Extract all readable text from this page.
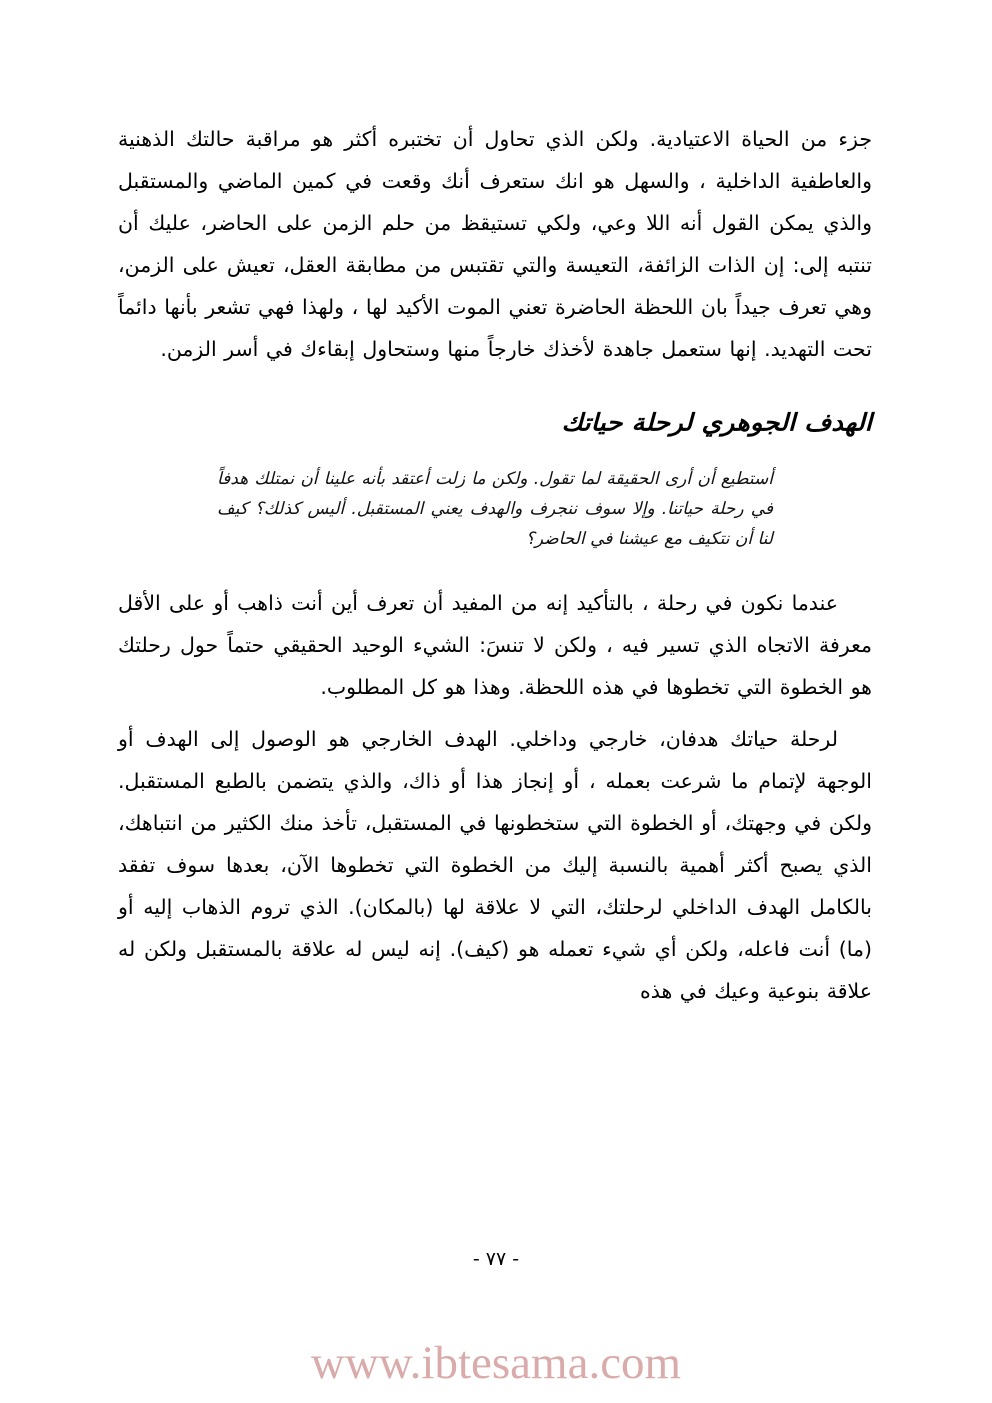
جزء من الحياة الاعتيادية. ولكن الذي تحاول أن تختبره أكثر هو مراقبة حالتك الذهنية والعاطفية الداخلية ، والسهل هو انك ستعرف أنك وقعت في كمين الماضي والمستقبل والذي يمكن القول أنه اللا وعي، ولكي تستيقظ من حلم الزمن على الحاضر، عليك أن تنتبه إلى: إن الذات الزائفة، التعيسة والتي تقتبس من مطابقة العقل، تعيش على الزمن، وهي تعرف جيداً بان اللحظة الحاضرة تعني الموت الأكيد لها ، ولهذا فهي تشعر بأنها دائماً تحت التهديد. إنها ستعمل جاهدة لأخذك خارجاً منها وستحاول إبقاءك في أسر الزمن.

الهدف الجوهري لرحلة حياتك
أستطيع أن أرى الحقيقة لما تقول. ولكن ما زلت أعتقد بأنه علينا أن نمتلك هدفاً في رحلة حياتنا. وإلا سوف ننجرف والهدف يعني المستقبل. أليس كذلك؟ كيف لنا أن نتكيف مع عيشنا في الحاضر؟

عندما نكون في رحلة ، بالتأكيد إنه من المفيد أن تعرف أين أنت ذاهب أو على الأقل معرفة الاتجاه الذي تسير فيه ، ولكن لا تنسَ: الشيء الوحيد الحقيقي حتماً حول رحلتك هو الخطوة التي تخطوها في هذه اللحظة. وهذا هو كل المطلوب.

لرحلة حياتك هدفان، خارجي وداخلي. الهدف الخارجي هو الوصول إلى الهدف أو الوجهة لإتمام ما شرعت بعمله ، أو إنجاز هذا أو ذاك، والذي يتضمن بالطبع المستقبل. ولكن في وجهتك، أو الخطوة التي ستخطونها في المستقبل، تأخذ منك الكثير من انتباهك، الذي يصبح أكثر أهمية بالنسبة إليك من الخطوة التي تخطوها الآن، بعدها سوف تفقد بالكامل الهدف الداخلي لرحلتك، التي لا علاقة لها (بالمكان). الذي تروم الذهاب إليه أو (ما) أنت فاعله، ولكن أي شيء تعمله هو (كيف). إنه ليس له علاقة بالمستقبل ولكن له علاقة بنوعية وعيك في هذه

- ٧٧ -
www.ibtesama.com
